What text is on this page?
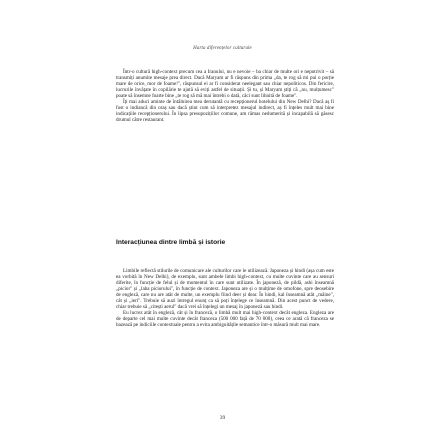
Harta diferențelor culturale

Într-o cultură high-context precum cea a Iranului, nu e nevoie – ba chiar de multe ori e nepotrivit – să transmiți anumite mesaje prea direct. Dacă Maryam ar fi răspuns din prima „da, te rog să mi pui o porție mare de orice, mor de foame!", răspunsul ei ar fi considerat neelegant sau chiar nepoliticos. Din fericire, lucrurile învățate în copilărie te ajută să eviți astfel de situații. Și tu, și Maryam știți că „nu, mulțumesc" poate să însemne foarte bine „te rog să mă mai întrebi o dată, căci sunt lihnită de foame".

Îți mai aduci aminte de întâlnirea mea derutantă cu recepționerul hotelului din New Delhi? Dacă aș fi fost o indiancă din oraș sau dacă știut cum să interpretez mesajul indirect, aș fi înțeles mult mai bine indicațiile recepționerului. În lipsa presupozițiilor comune, am rămas nedumerită și incapabilă să găsesc drumul către restaurant.

Interacțiunea dintre limbă și istorie

Limbile reflectă stilurile de comunicare ale culturilor care le utilizează. Japoneza și hindi (așa cum este ea vorbită în New Delhi), de exemplu, sunt ambele limbi high-context, cu multe cuvinte care au sensuri diferite, în funcție de felul și de momentul în care sunt utilizate. În japoneză, de pildă, ashi înseamnă „picior" și „laba piciorului", în funcție de context. Japoneza are și o mulțime de omofone, spre deosebire de engleză, care nu are atât de multe, un exemplu fiind deer și dear. În hindi, kal înseamnă atât „mâine", cât și „ieri". Trebuie să auzi întregul enunț ca să poți înțelege ce înseamnă. Din acest punct de vedere, chiar trebuie să „citești aerul" dacă vrei să înțelegi un mesaj în japoneză sau hindi.

Eu lucrez atât în engleză, cât și în franceză, o limbă mult mai high-context decât engleza. Engleza are de departe cel mai multe cuvinte decât franceza (500 000 față de 70 000), ceea ce arată că franceza se bazează pe indiciile contextuale pentru a evita ambiguitățile semantice într-o măsură mult mai mare.

39
